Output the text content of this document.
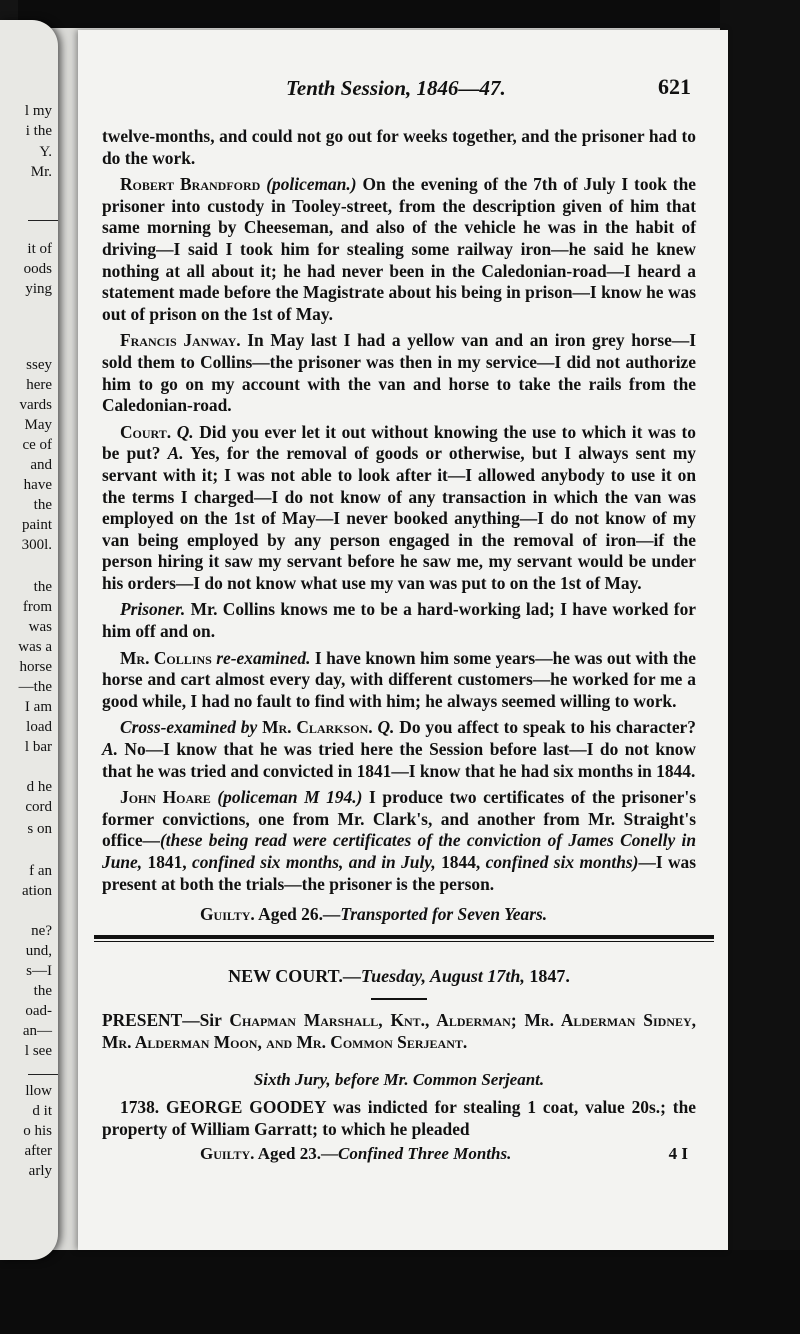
l my
i the
Y.
Mr.
it of
oods
ying
ssey
here
vards
May
ce of
and
have
the
paint
300l.
the
from
was
was a
horse
—the
I am
load
l bar
d he
cord
s on
f an
ation
ne?
und,
s—I
the
oad-
an—
l see
llow
d it
o his
after
arly
Tenth Session, 1846—47.	621

twelve-months, and could not go out for weeks together, and the prisoner had to do the work.

Robert Brandford (policeman.) On the evening of the 7th of July I took the prisoner into custody in Tooley-street, from the description given of him that same morning by Cheeseman, and also of the vehicle he was in the habit of driving—I said I took him for stealing some railway iron—he said he knew nothing at all about it; he had never been in the Caledonian-road—I heard a statement made before the Magistrate about his being in prison—I know he was out of prison on the 1st of May.

Francis Janway. In May last I had a yellow van and an iron grey horse—I sold them to Collins—the prisoner was then in my service—I did not authorize him to go on my account with the van and horse to take the rails from the Caledonian-road.

Court. Q. Did you ever let it out without knowing the use to which it was to be put? A. Yes, for the removal of goods or otherwise, but I always sent my servant with it; I was not able to look after it—I allowed anybody to use it on the terms I charged—I do not know of any transaction in which the van was employed on the 1st of May—I never booked anything—I do not know of my van being employed by any person engaged in the removal of iron—if the person hiring it saw my servant before he saw me, my servant would be under his orders—I do not know what use my van was put to on the 1st of May.

Prisoner. Mr. Collins knows me to be a hard-working lad; I have worked for him off and on.

Mr. Collins re-examined. I have known him some years—he was out with the horse and cart almost every day, with different customers—he worked for me a good while, I had no fault to find with him; he always seemed willing to work.

Cross-examined by Mr. Clarkson. Q. Do you affect to speak to his character? A. No—I know that he was tried here the Session before last—I do not know that he was tried and convicted in 1841—I know that he had six months in 1844.

John Hoare (policeman M 194.) I produce two certificates of the prisoner's former convictions, one from Mr. Clark's, and another from Mr. Straight's office—(these being read were certificates of the conviction of James Conelly in June, 1841, confined six months, and in July, 1844, confined six months)—I was present at both the trials—the prisoner is the person.

Guilty. Aged 26.—Transported for Seven Years.
NEW COURT.—Tuesday, August 17th, 1847.

PRESENT—Sir Chapman Marshall, Knt., Alderman; Mr. Alderman Sidney, Mr. Alderman Moon, and Mr. Common Serjeant.

Sixth Jury, before Mr. Common Serjeant.

1738. GEORGE GOODEY was indicted for stealing 1 coat, value 20s.; the property of William Garratt; to which he pleaded

Guilty. Aged 23.—Confined Three Months.	4 I
